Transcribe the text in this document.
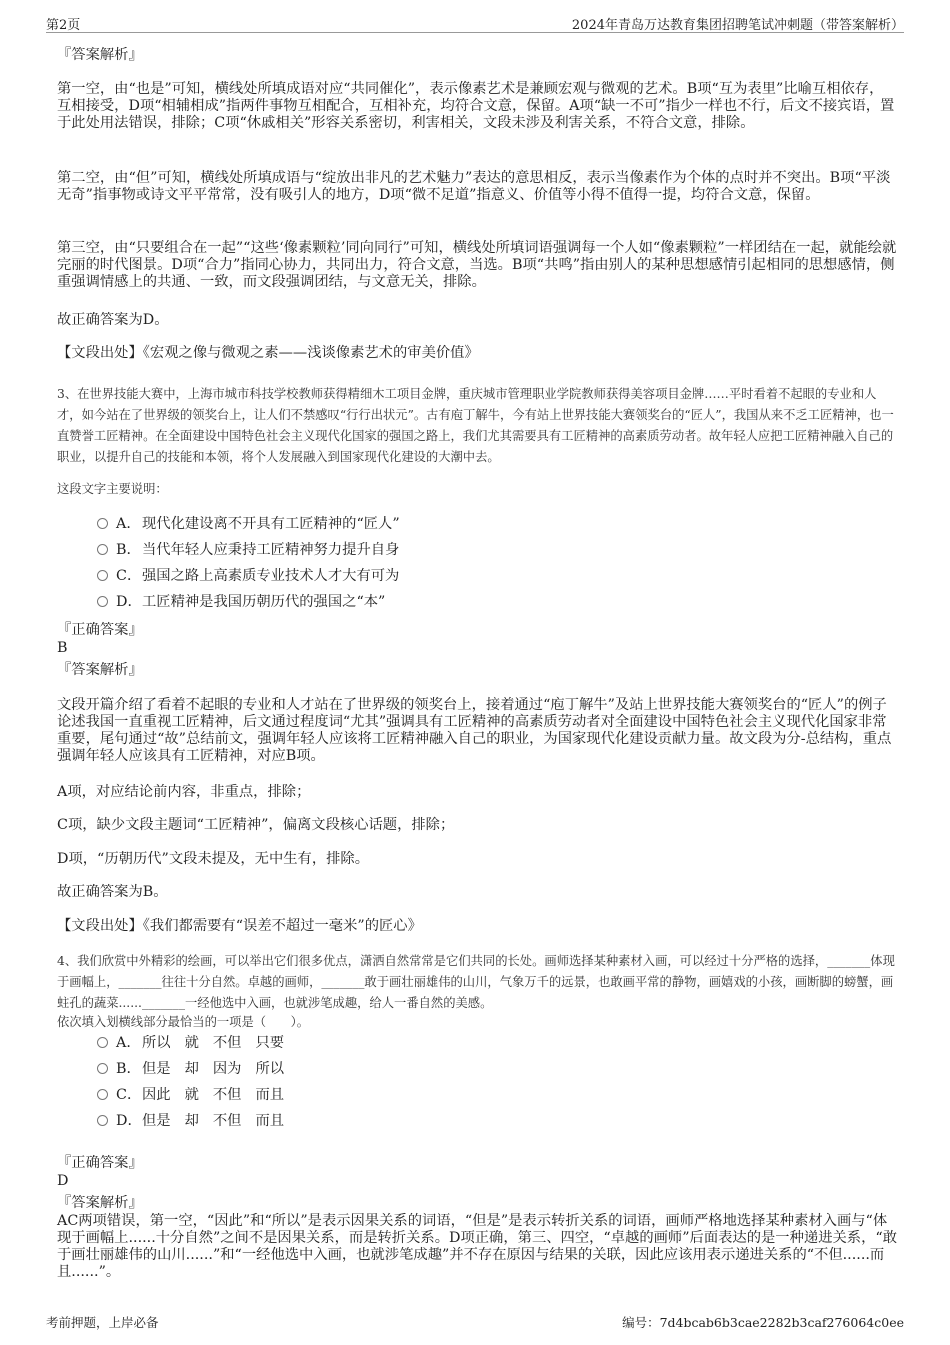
第2页	2024年青岛万达教育集团招聘笔试冲刺题（带答案解析）
『答案解析』

第一空，由“也是”可知，横线处所填成语对应“共同催化”，表示像素艺术是兼顾宏观与微观的艺术。B项“互为表里”比喻互相依存，互相接受，D项“相辅相成”指两件事物互相配合，互相补充，均符合文意，保留。A项“缺一不可”指少一样也不行，后文不接宾语，置于此处用法错误，排除；C项“休戚相关”形容关系密切，利害相关，文段未涉及利害关系，不符合文意，排除。

第二空，由“但”可知，横线处所填成语与“绽放出非凡的艺术魅力”表达的意思相反，表示当像素作为个体的点时并不突出。B项“平淡无奇”指事物或诗文平平常常，没有吸引人的地方，D项“微不足道”指意义、价值等小得不值得一提，均符合文意，保留。

第三空，由“只要组合在一起”“这些‘像素颗粒’同向同行”可知，横线处所填词语强调每一个人如“像素颗粒”一样团结在一起，就能绘就完丽的时代图景。D项“合力”指同心协力，共同出力，符合文意，当选。B项“共鸣”指由别人的某种思想感情引起相同的思想感情，侧重强调情感上的共通、一致，而文段强调团结，与文意无关，排除。

故正确答案为D。

【文段出处】《宏观之像与微观之素——浅谈像素艺术的审美价值》

3、在世界技能大赛中，上海市城市科技学校教师获得精细木工项目金牌，重庆城市管理职业学院教师获得美容项目金牌……平时看着不起眼的专业和人才，如今站在了世界级的领奖台上，让人们不禁感叹“行行出状元”。古有庖丁解牛，今有站上世界技能大赛领奖台的“匠人”，我国从来不乏工匠精神，也一直赞誉工匠精神。在全面建设中国特色社会主义现代化国家的强国之路上，我们尤其需要具有工匠精神的高素质劳动者。故年轻人应把工匠精神融入自己的职业，以提升自己的技能和本领，将个人发展融入到国家现代化建设的大潮中去。

这段文字主要说明：

A．现代化建设离不开具有工匠精神的“匠人”
B．当代年轻人应秉持工匠精神努力提升自身
C．强国之路上高素质专业技术人才大有可为
D．工匠精神是我国历朝历代的强国之“本”
『正确答案』
B
『答案解析』

文段开篇介绍了看着不起眼的专业和人才站在了世界级的领奖台上，接着通过“庖丁解牛”及站上世界技能大赛领奖台的“匠人”的例子论述我国一直重视工匠精神，后文通过程度词“尤其”强调具有工匠精神的高素质劳动者对全面建设中国特色社会主义现代化国家非常重要，尾句通过“故”总结前文，强调年轻人应该将工匠精神融入自己的职业，为国家现代化建设贡献力量。故文段为分-总结构，重点强调年轻人应该具有工匠精神，对应B项。

A项，对应结论前内容，非重点，排除；

C项，缺少文段主题词“工匠精神”，偏离文段核心话题，排除；

D项，“历朝历代”文段未提及，无中生有，排除。

故正确答案为B。

【文段出处】《我们都需要有“误差不超过一毫米”的匠心》

4、我们欣赏中外精彩的绘画，可以举出它们很多优点，潇洒自然常常是它们共同的长处。画师选择某种素材入画，可以经过十分严格的选择，_______体现于画幅上，_______往往十分自然。卓越的画师，_______敢于画壮丽雄伟的山川，气象万千的远景，也敢画平常的静物，画嬉戏的小孩，画断脚的螃蟹，画蛀孔的蔬菜......_______一经他选中入画，也就涉笔成趣，给人一番自然的美感。

依次填入划横线部分最恰当的一项是（　　）。

A．所以 就 不但 只要
B．但是 却 因为 所以
C．因此 就 不但 而且
D．但是 却 不但 而且
『正确答案』
D
『答案解析』

AC两项错误，第一空，“因此”和“所以”是表示因果关系的词语，“但是”是表示转折关系的词语，画师严格地选择某种素材入画与“体现于画幅上......十分自然”之间不是因果关系，而是转折关系。D项正确，第三、四空，“卓越的画师”后面表达的是一种递进关系，“敢于画壮丽雄伟的山川......”和“一经他选中入画，也就涉笔成趣”并不存在原因与结果的关联，因此应该用表示递进关系的“不但......而且......”。

考前押题，上岸必备	编号：7d4bcab6b3cae2282b3caf276064c0ee
